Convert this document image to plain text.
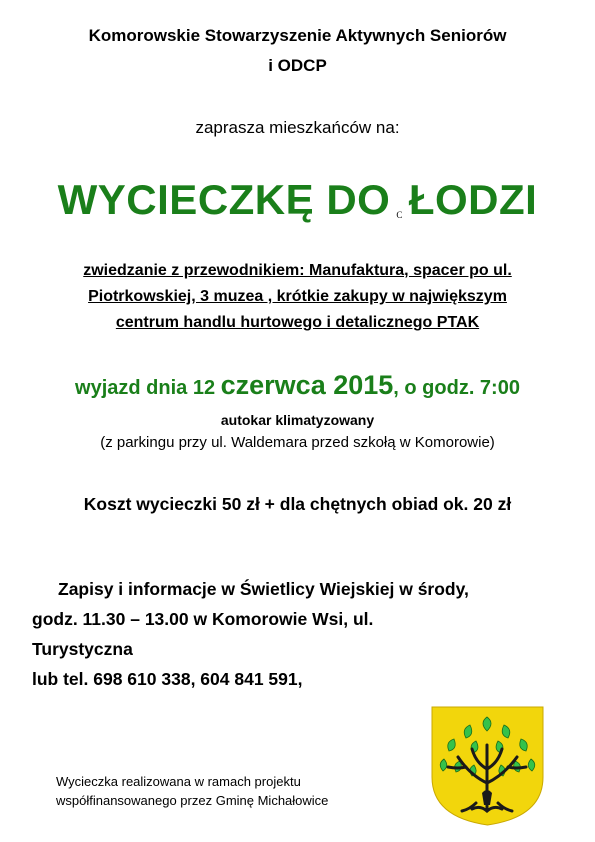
Komorowskie Stowarzyszenie Aktywnych Seniorów
i ODCP
zaprasza mieszkańców na:
WYCIECZKĘ DO C ŁODZI
zwiedzanie z przewodnikiem: Manufaktura, spacer po ul.
Piotrkowskiej, 3 muzea , krótkie zakupy w największym
centrum handlu hurtowego i detalicznego PTAK
wyjazd dnia 12 czerwca 2015, o godz. 7:00
autokar klimatyzowany
(z parkingu przy ul. Waldemara przed szkołą w Komorowie)
Koszt wycieczki 50 zł + dla chętnych obiad ok. 20 zł
Zapisy i informacje w Świetlicy Wiejskiej w środy,
godz. 11.30 – 13.00 w Komorowie Wsi, ul.
Turystyczna
lub tel. 698 610 338, 604 841 591,
Wycieczka realizowana w ramach projektu
współfinansowanego przez Gminę Michałowice
